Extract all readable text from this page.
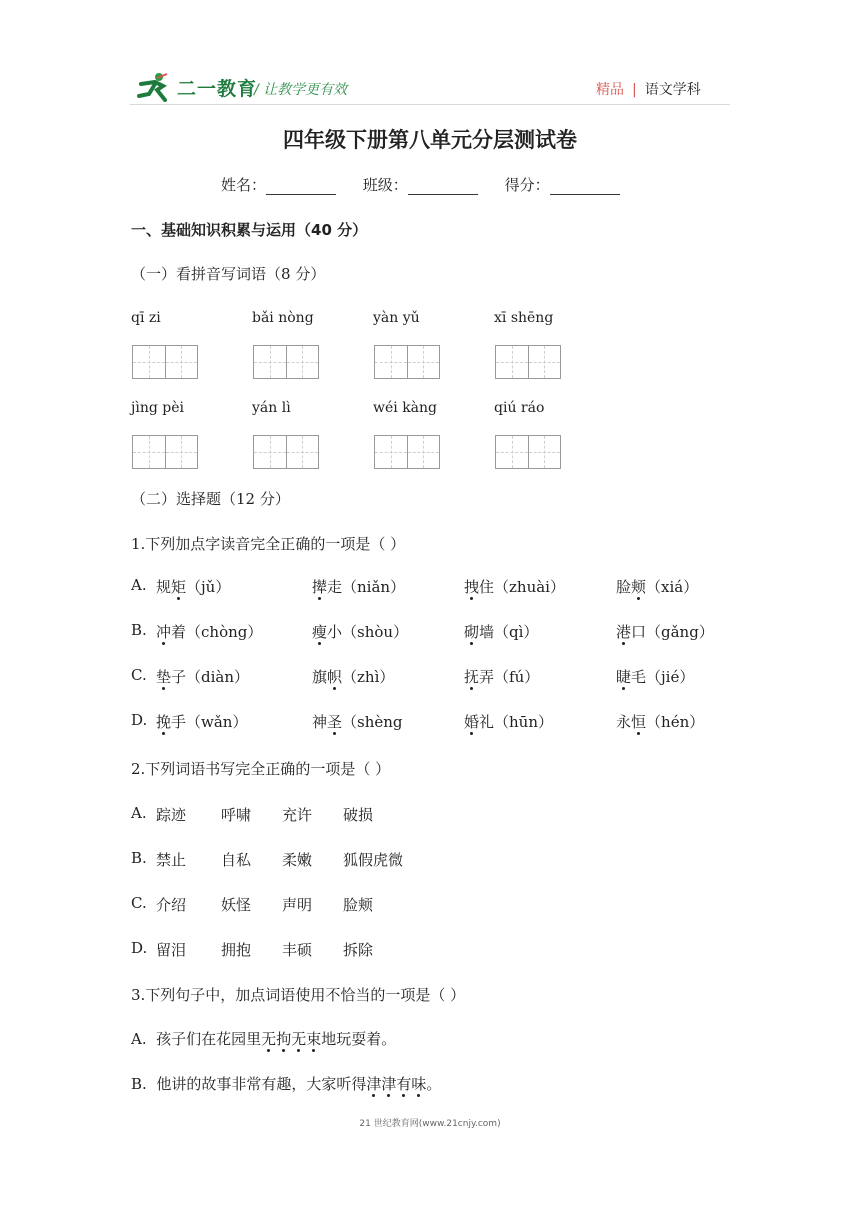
二一教育
/ 让教学更有效	精品 | 语文学科
四年级下册第八单元分层测试卷
姓名：	班级：	得分：
一、基础知识积累与运用（40 分）
（一）看拼音写词语（8 分）
qī zi	bǎi nòng	yàn yǔ	xī shēng
jìng pèi	yán lì	wéi kàng	qiú ráo
（二）选择题（12 分）
1.下列加点字读音完全正确的一项是（ ）
A. 规矩（jǔ）	撵走（niǎn）	拽住（zhuài）	脸颊（xiá）
B. 冲着（chòng）	瘦小（shòu）	砌墙（qì）	港口（gǎng）
C. 垫子（diàn）	旗帜（zhì）	抚弄（fú）	睫毛（jié）
D. 挽手（wǎn）	神圣（shèng	婚礼（hūn）	永恒（hén）
2.下列词语书写完全正确的一项是（ ）
A. 踪迹 呼啸 充许 破损
B. 禁止 自私 柔嫩 狐假虎微
C. 介绍 妖怪 声明 脸颊
D. 留泪 拥抱 丰硕 拆除
3.下列句子中，加点词语使用不恰当的一项是（ ）
A. 孩子们在花园里无拘无束地玩耍着。
B. 他讲的故事非常有趣，大家听得津津有味。
21 世纪教育网(www.21cnjy.com)
